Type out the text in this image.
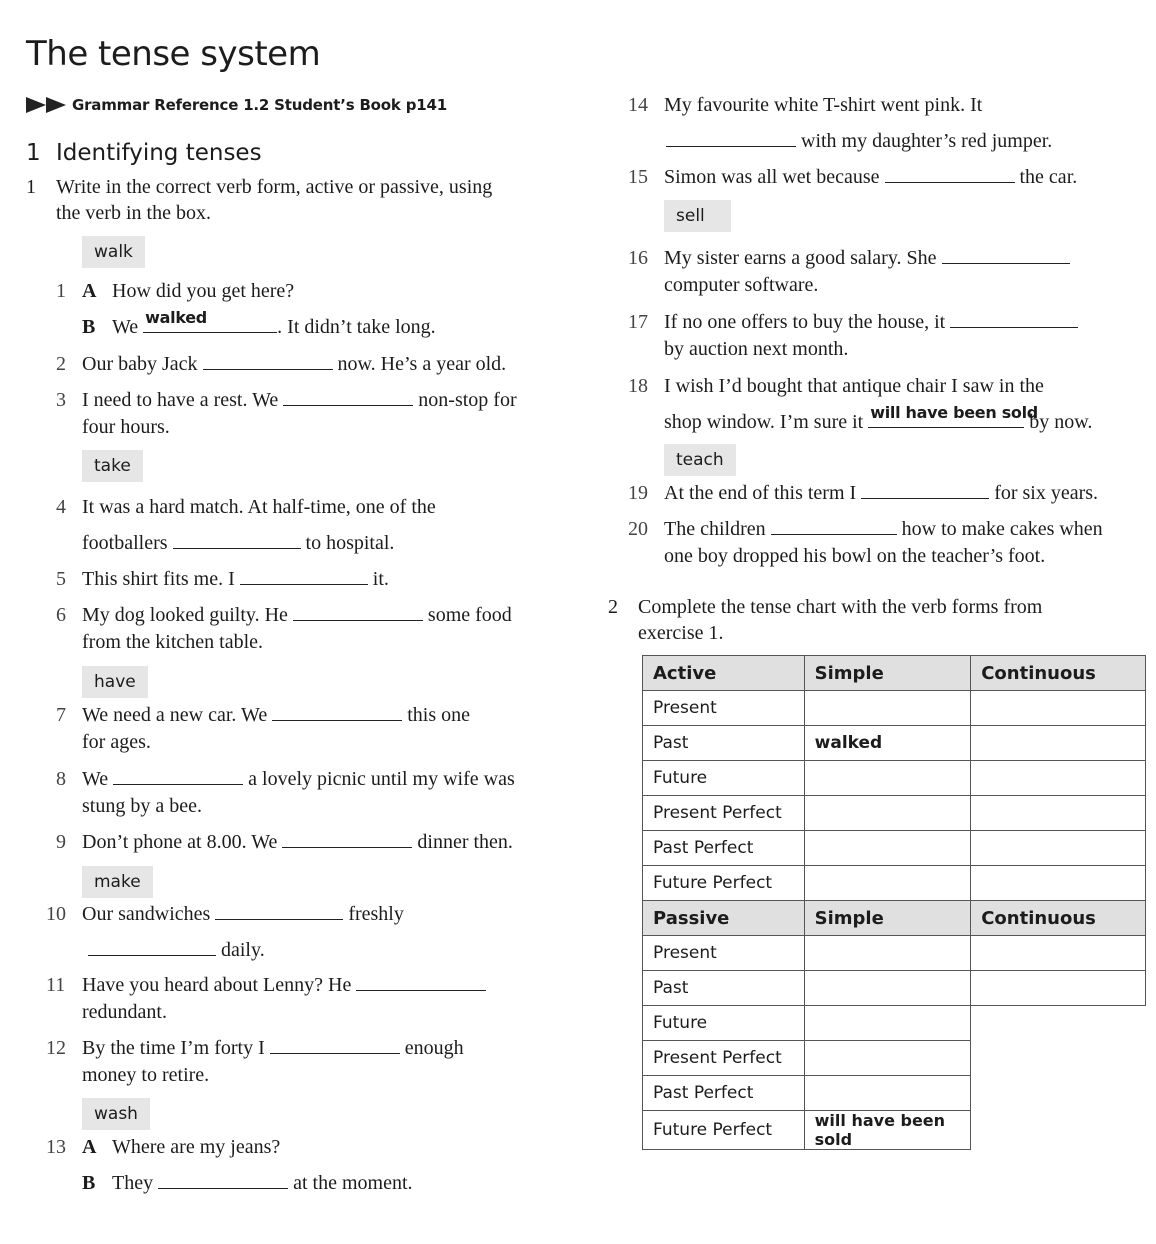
The tense system
Grammar Reference 1.2 Student’s Book p141
1 Identifying tenses
1 Write in the correct verb form, active or passive, using
the verb in the box.
walk
1 A How did you get here?
B We walked	. It didn’t take long.
2 Our baby Jack	now. He’s a year old.
3 I need to have a rest. We	non-stop for
four hours.
take
4 It was a hard match. At half-time, one of the
footballers	to hospital.
5 This shirt fits me. I	it.
6 My dog looked guilty. He	some food
from the kitchen table.
have
7 We need a new car. We	this one
for ages.
8 We	a lovely picnic until my wife was
stung by a bee.
9 Don’t phone at 8.00. We	dinner then.
make
10 Our sandwiches	freshly
daily.
11 Have you heard about Lenny? He
redundant.
12 By the time I’m forty I	enough
money to retire.
wash
13 A Where are my jeans?
B They	at the moment.
14 My favourite white T-shirt went pink. It
with my daughter’s red jumper.
15 Simon was all wet because	the car.
sell
16 My sister earns a good salary. She
computer software.
17 If no one offers to buy the house, it
by auction next month.
18 I wish I’d bought that antique chair I saw in the
shop window. I’m sure it will have been sold
by now.
teach
19 At the end of this term I	for six years.
20 The children	how to make cakes when
one boy dropped his bowl on the teacher’s foot.
2 Complete the tense chart with the verb forms from
exercise 1.
Active	Simple	Continuous
Present		
Past	walked	
Future		
Present Perfect		
Past Perfect		
Future Perfect		
Passive	Simple	Continuous
Present		
Past		
Future		
Present Perfect		
Past Perfect		
Future Perfect	will have been sold	
